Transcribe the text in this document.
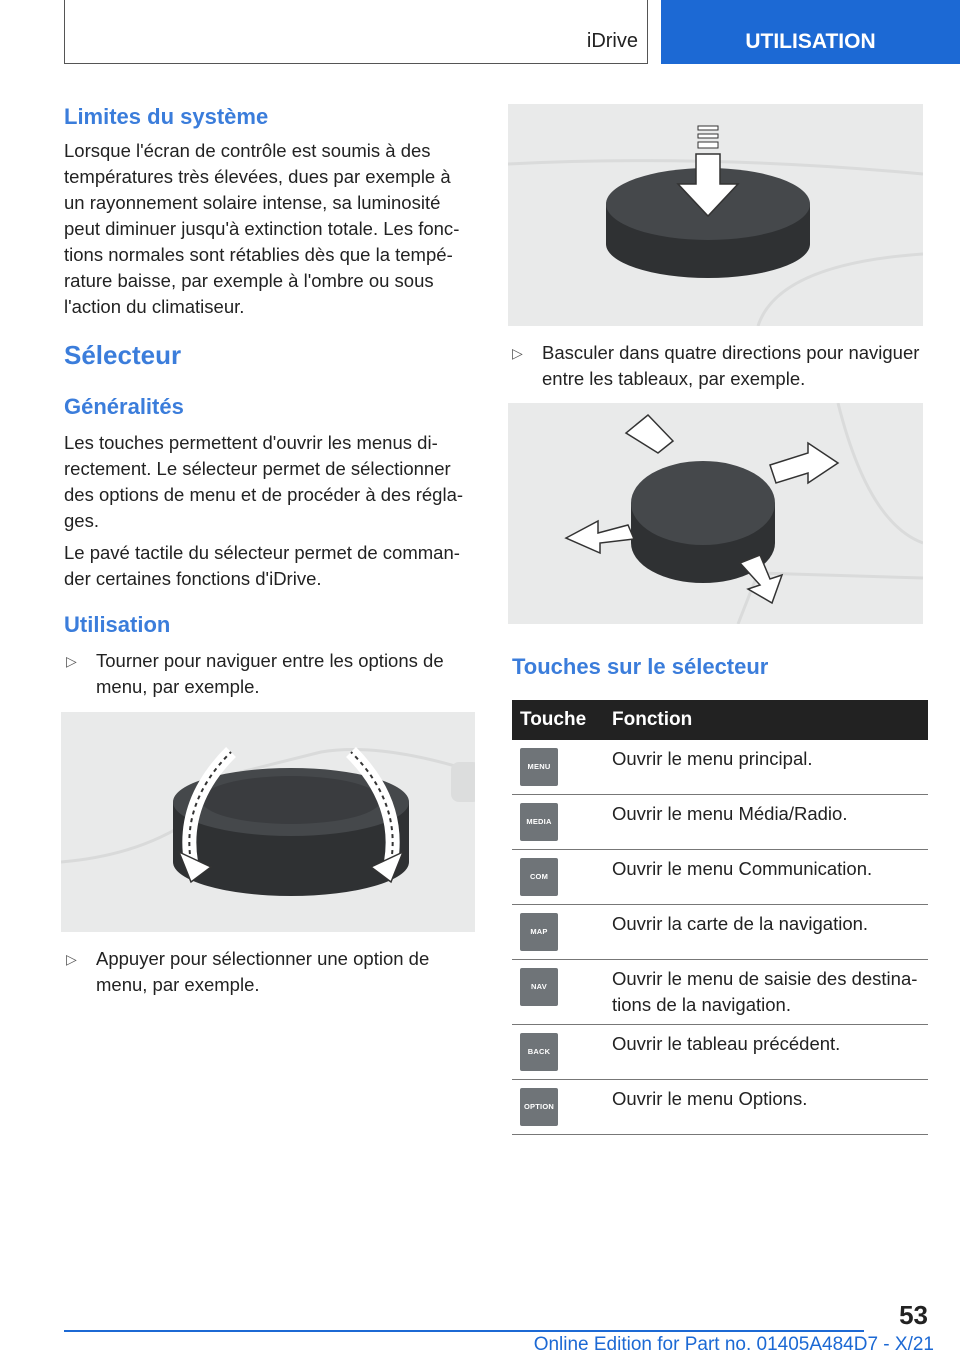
iDrive	UTILISATION
Limites du système

Lorsque l'écran de contrôle est soumis à des températures très élevées, dues par exemple à un rayonnement solaire intense, sa luminosité peut diminuer jusqu'à extinction totale. Les fonctions normales sont rétablies dès que la température baisse, par exemple à l'ombre ou sous l'action du climatiseur.

Sélecteur
Généralités

Les touches permettent d'ouvrir les menus directement. Le sélecteur permet de sélectionner des options de menu et de procéder à des réglages.

Le pavé tactile du sélecteur permet de commander certaines fonctions d'iDrive.

Utilisation
▷	Tourner pour naviguer entre les options de menu, par exemple.
▷	Appuyer pour sélectionner une option de menu, par exemple.
▷	Basculer dans quatre directions pour naviguer entre les tableaux, par exemple.
Touches sur le sélecteur
Touche	Fonction

MENU	Ouvrir le menu principal.

MEDIA	Ouvrir le menu Média/Radio.

COM	Ouvrir le menu Communication.

MAP	Ouvrir la carte de la navigation.

NAV	Ouvrir le menu de saisie des destinations de la navigation.

BACK	Ouvrir le tableau précédent.

OPTION	Ouvrir le menu Options.
53
Online Edition for Part no. 01405A484D7 - X/21
